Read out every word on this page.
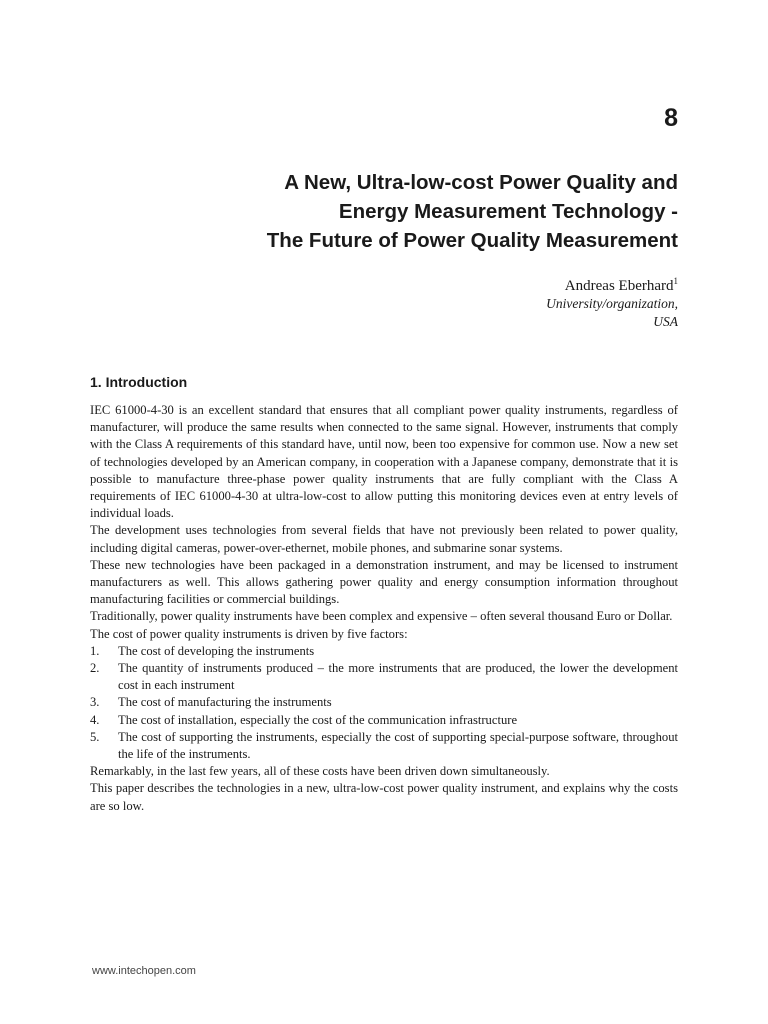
8
A New, Ultra-low-cost Power Quality and
Energy Measurement Technology -
The Future of Power Quality Measurement
Andreas Eberhard$^1$
University/organization,
USA
1. Introduction

IEC 61000-4-30 is an excellent standard that ensures that all compliant power quality instruments, regardless of manufacturer, will produce the same results when connected to the same signal. However, instruments that comply with the Class A requirements of this standard have, until now, been too expensive for common use. Now a new set of technologies developed by an American company, in cooperation with a Japanese company, demonstrate that it is possible to manufacture three-phase power quality instruments that are fully compliant with the Class A requirements of IEC 61000-4-30 at ultra-low-cost to allow putting this monitoring devices even at entry levels of individual loads.

The development uses technologies from several fields that have not previously been related to power quality, including digital cameras, power-over-ethernet, mobile phones, and submarine sonar systems.

These new technologies have been packaged in a demonstration instrument, and may be licensed to instrument manufacturers as well. This allows gathering power quality and energy consumption information throughout manufacturing facilities or commercial buildings.

Traditionally, power quality instruments have been complex and expensive – often several thousand Euro or Dollar.

The cost of power quality instruments is driven by five factors:

1. The cost of developing the instruments
2. The quantity of instruments produced – the more instruments that are produced, the lower the development cost in each instrument
3. The cost of manufacturing the instruments
4. The cost of installation, especially the cost of the communication infrastructure
5. The cost of supporting the instruments, especially the cost of supporting special-purpose software, throughout the life of the instruments.

Remarkably, in the last few years, all of these costs have been driven down simultaneously.

This paper describes the technologies in a new, ultra-low-cost power quality instrument, and explains why the costs are so low.

www.intechopen.com
